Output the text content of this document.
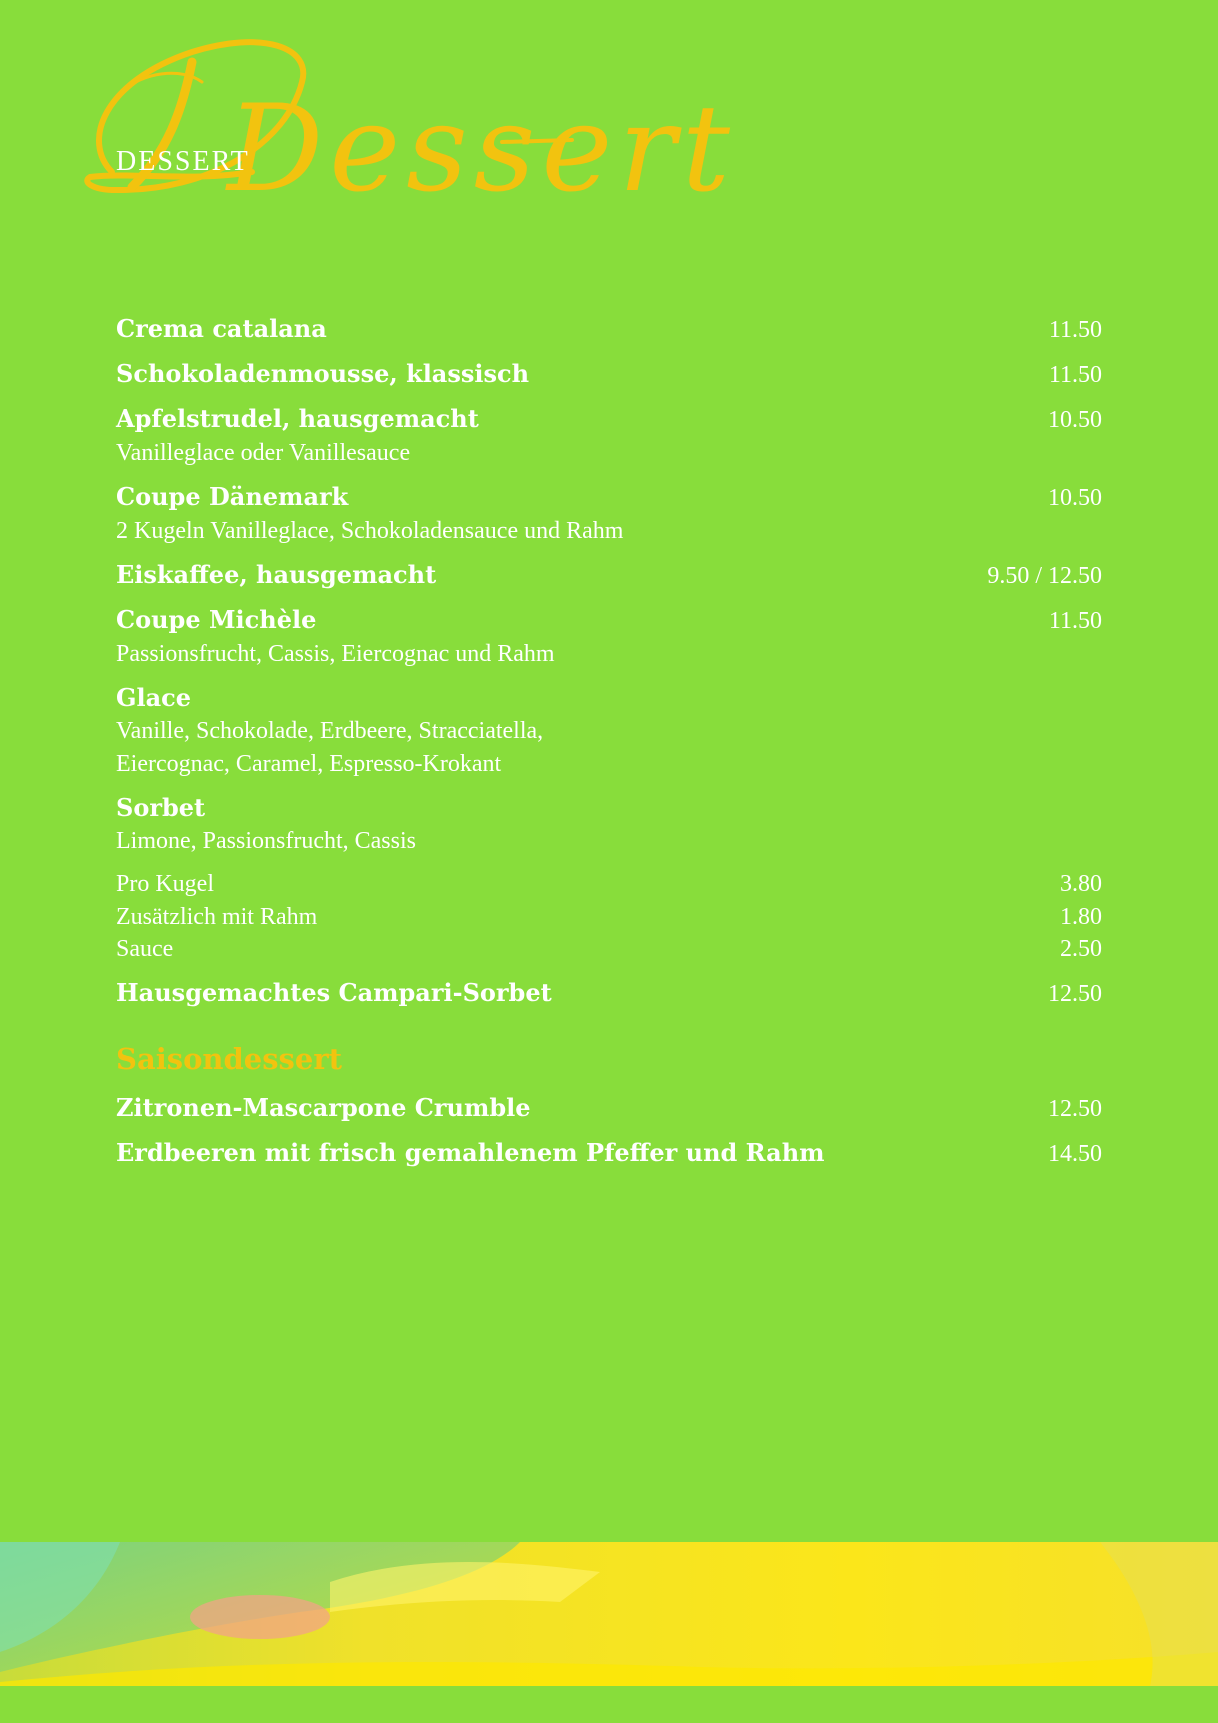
Dessert
DESSERT
Crema catalana	11.50
Schokoladenmousse, klassisch	11.50
Apfelstrudel, hausgemacht	10.50
Vanilleglace oder Vanillesauce
Coupe Dänemark	10.50
2 Kugeln Vanilleglace, Schokoladensauce und Rahm
Eiskaffee, hausgemacht	9.50 / 12.50
Coupe Michèle	11.50
Passionsfrucht, Cassis, Eiercognac und Rahm
Glace
Vanille, Schokolade, Erdbeere, Stracciatella,
Eiercognac, Caramel, Espresso-Krokant
Sorbet
Limone, Passionsfrucht, Cassis
Pro Kugel	3.80
Zusätzlich mit Rahm	1.80
Sauce	2.50
Hausgemachtes Campari-Sorbet	12.50
Saisondessert
Zitronen-Mascarpone Crumble	12.50
Erdbeeren mit frisch gemahlenem Pfeffer und Rahm	14.50
